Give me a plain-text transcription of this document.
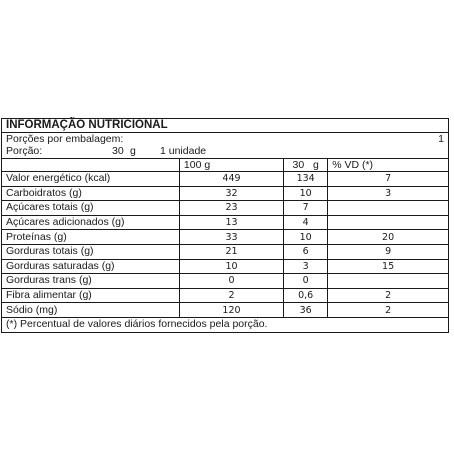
INFORMAÇÃO NUTRICIONAL
Porções por embalagem:	1
Porção:	30 g 1 unidade
	100 g	30 g	% VD (*)
Valor energético (kcal)	449	134	7
Carboidratos (g)	32	10	3
Açúcares totais (g)	23	7	
Açúcares adicionados (g)	13	4	
Proteínas (g)	33	10	20
Gorduras totais (g)	21	6	9
Gorduras saturadas (g)	10	3	15
Gorduras trans (g)	0	0	
Fibra alimentar (g)	2	0,6	2
Sódio (mg)	120	36	2
(*) Percentual de valores diários fornecidos pela porção.
